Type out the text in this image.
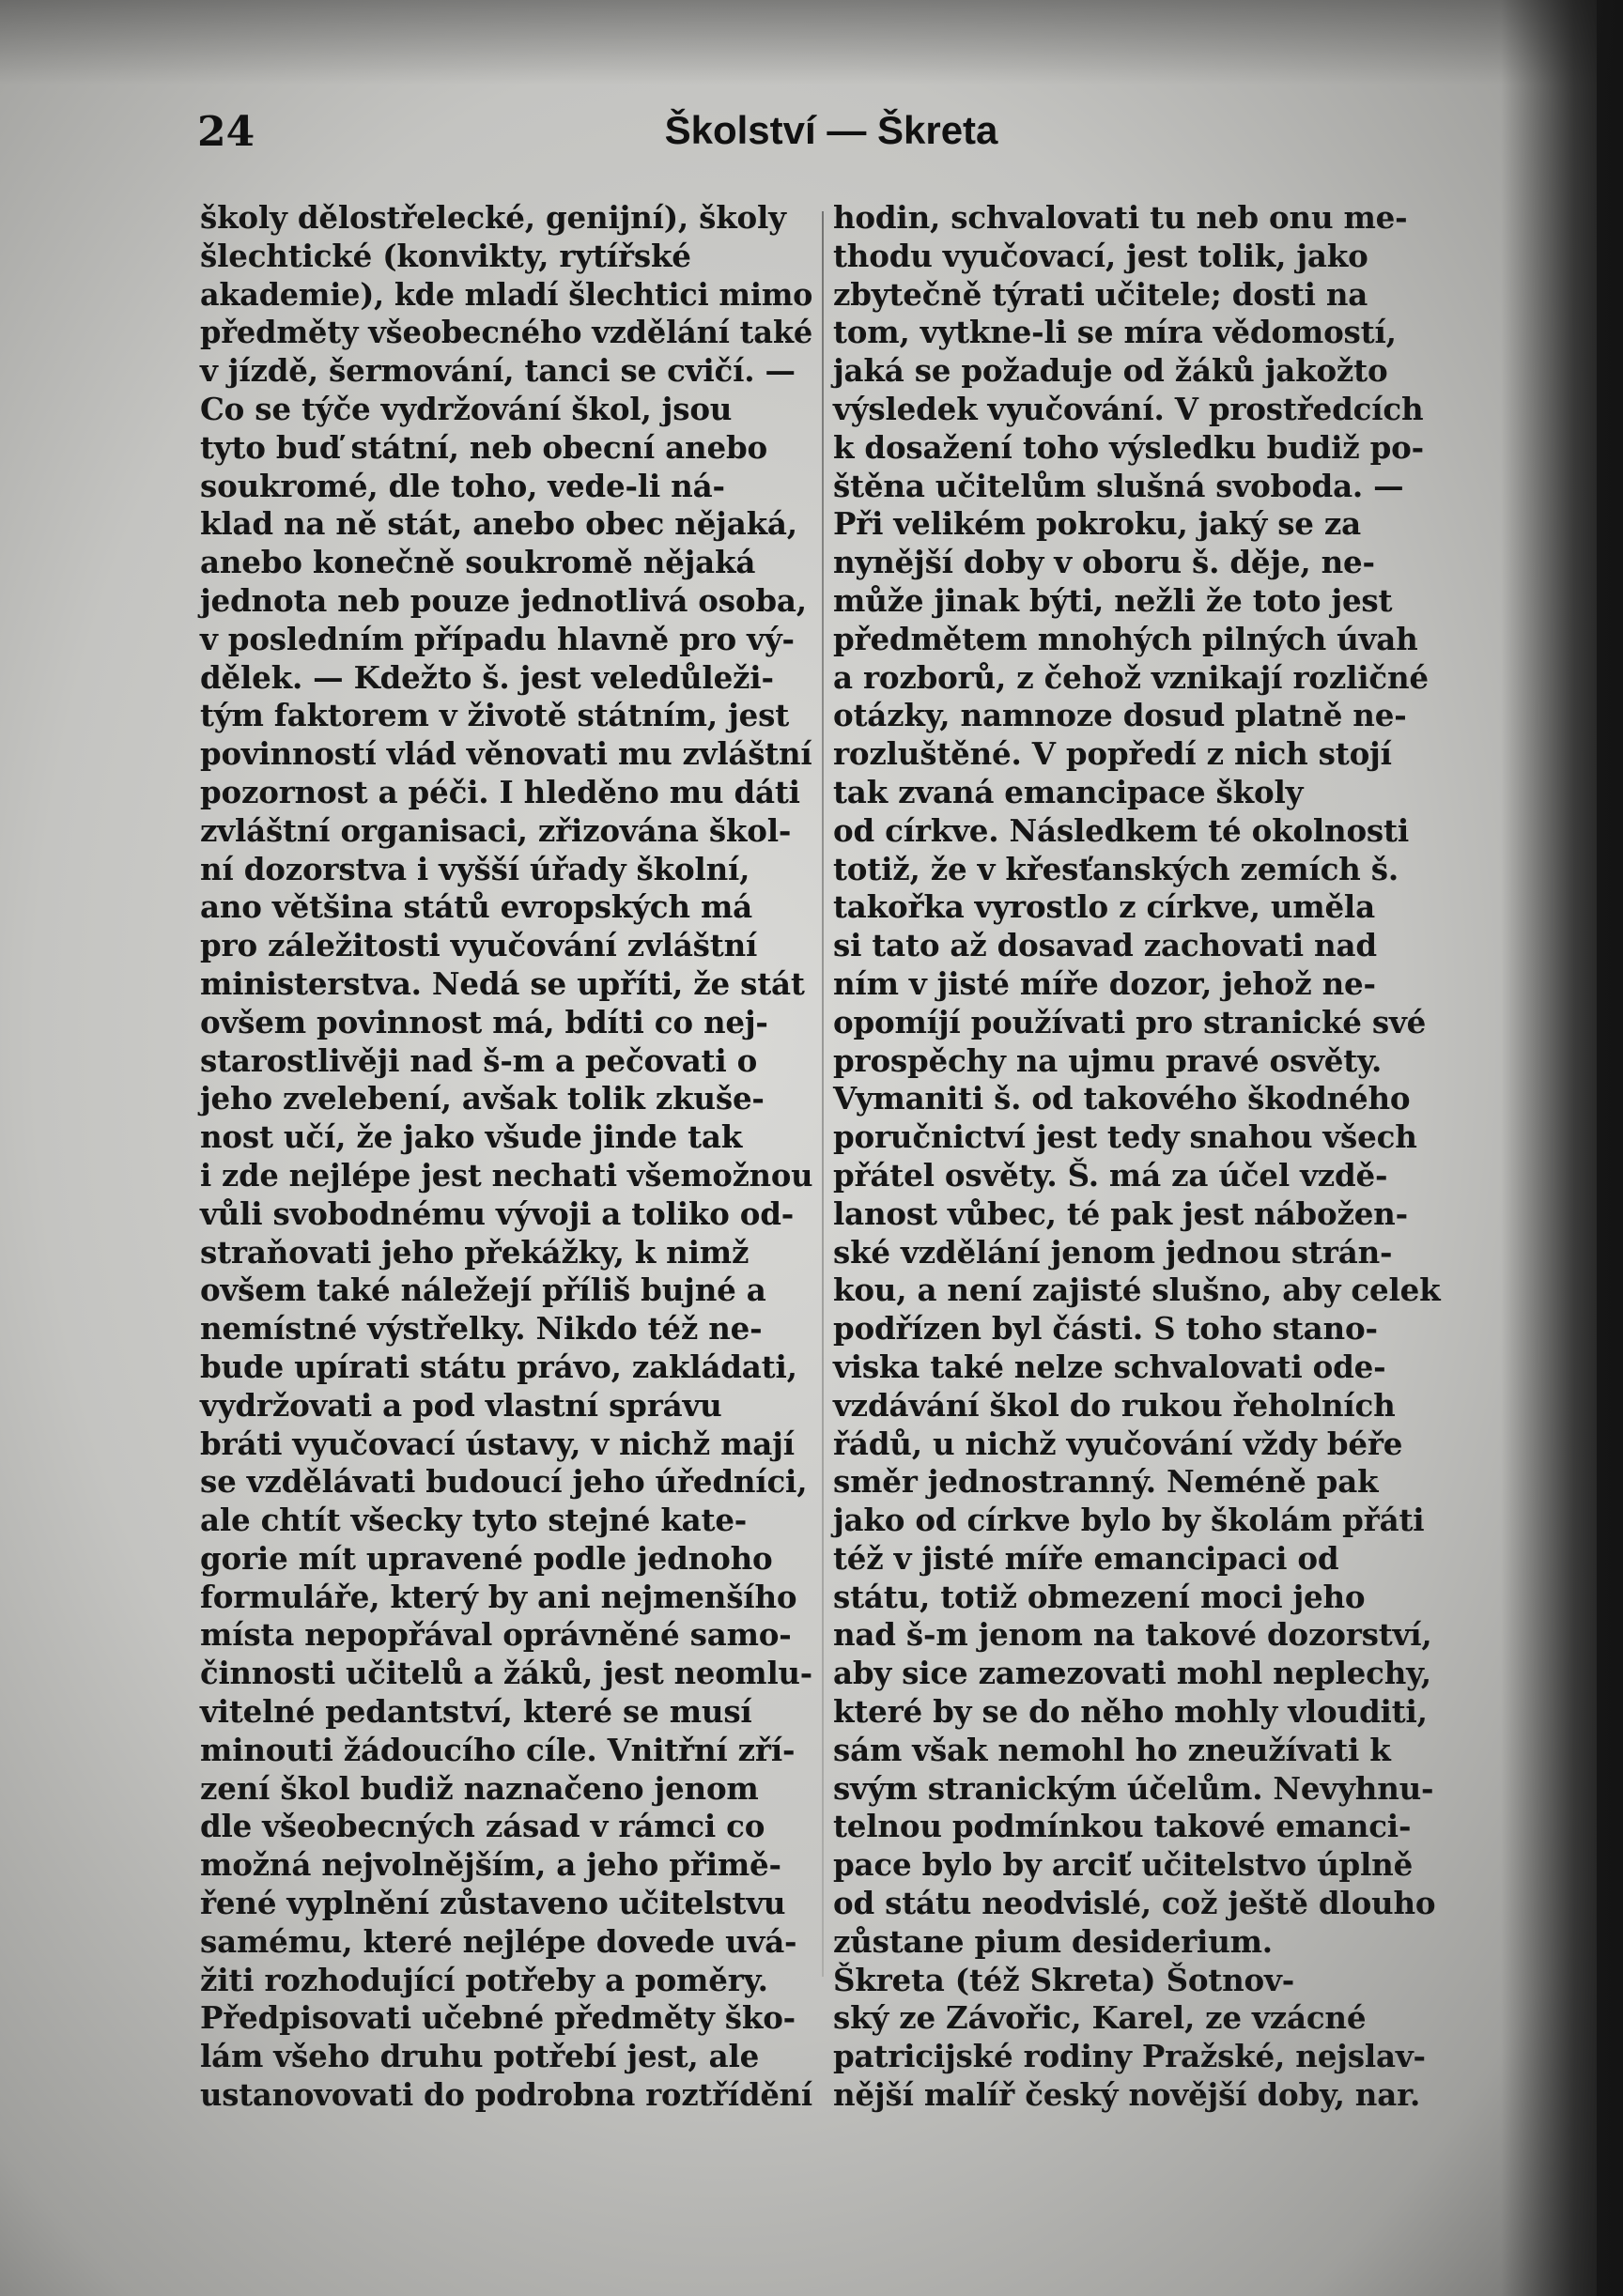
24	Školství — Škreta
školy dělostřelecké, genijní), školy
šlechtické (konvikty, rytířské
akademie), kde mladí šlechtici mimo
předměty všeobecného vzdělání také
v jízdě, šermování, tanci se cvičí. —
Co se týče vydržování škol, jsou
tyto buď státní, neb obecní anebo
soukromé, dle toho, vede-li ná-
klad na ně stát, anebo obec nějaká,
anebo konečně soukromě nějaká
jednota neb pouze jednotlivá osoba,
v posledním případu hlavně pro vý-
dělek. — Kdežto š. jest veledůleži-
tým faktorem v životě státním, jest
povinností vlád věnovati mu zvláštní
pozornost a péči. I hleděno mu dáti
zvláštní organisaci, zřizována škol-
ní dozorstva i vyšší úřady školní,
ano většina států evropských má
pro záležitosti vyučování zvláštní
ministerstva. Nedá se upříti, že stát
ovšem povinnost má, bdíti co nej-
starostlivěji nad š-m a pečovati o
jeho zvelebení, avšak tolik zkuše-
nost učí, že jako všude jinde tak
i zde nejlépe jest nechati všemožnou
vůli svobodnému vývoji a toliko od-
straňovati jeho překážky, k nimž
ovšem také náležejí příliš bujné a
nemístné výstřelky. Nikdo též ne-
bude upírati státu právo, zakládati,
vydržovati a pod vlastní správu
bráti vyučovací ústavy, v nichž mají
se vzdělávati budoucí jeho úředníci,
ale chtít všecky tyto stejné kate-
gorie mít upravené podle jednoho
formuláře, který by ani nejmenšího
místa nepopřával oprávněné samo-
činnosti učitelů a žáků, jest neomlu-
vitelné pedantství, které se musí
minouti žádoucího cíle. Vnitřní zří-
zení škol budiž naznačeno jenom
dle všeobecných zásad v rámci co
možná nejvolnějším, a jeho přimě-
řené vyplnění zůstaveno učitelstvu
samému, které nejlépe dovede uvá-
žiti rozhodující potřeby a poměry.
Předpisovati učebné předměty ško-
lám všeho druhu potřebí jest, ale
ustanovovati do podrobna roztřídění
hodin, schvalovati tu neb onu me-
thodu vyučovací, jest tolik, jako
zbytečně týrati učitele; dosti na
tom, vytkne-li se míra vědomostí,
jaká se požaduje od žáků jakožto
výsledek vyučování. V prostředcích
k dosažení toho výsledku budiž po-
štěna učitelům slušná svoboda. —
Při velikém pokroku, jaký se za
nynější doby v oboru š. děje, ne-
může jinak býti, nežli že toto jest
předmětem mnohých pilných úvah
a rozborů, z čehož vznikají rozličné
otázky, namnoze dosud platně ne-
rozluštěné. V popředí z nich stojí
tak zvaná emancipace školy
od církve. Následkem té okolnosti
totiž, že v křesťanských zemích š.
takořka vyrostlo z církve, uměla
si tato až dosavad zachovati nad
ním v jisté míře dozor, jehož ne-
opomíjí používati pro stranické své
prospěchy na ujmu pravé osvěty.
Vymaniti š. od takového škodného
poručnictví jest tedy snahou všech
přátel osvěty. Š. má za účel vzdě-
lanost vůbec, té pak jest nábožen-
ské vzdělání jenom jednou strán-
kou, a není zajisté slušno, aby celek
podřízen byl části. S toho stano-
viska také nelze schvalovati ode-
vzdávání škol do rukou řeholních
řádů, u nichž vyučování vždy béře
směr jednostranný. Neméně pak
jako od církve bylo by školám přáti
též v jisté míře emancipaci od
státu, totiž obmezení moci jeho
nad š-m jenom na takové dozorství,
aby sice zamezovati mohl neplechy,
které by se do něho mohly vlouditi,
sám však nemohl ho zneužívati k
svým stranickým účelům. Nevyhnu-
telnou podmínkou takové emanci-
pace bylo by arciť učitelstvo úplně
od státu neodvislé, což ještě dlouho
zůstane pium desiderium.
Škreta (též Skreta) Šotnov-
ský ze Závořic, Karel, ze vzácné
patricijské rodiny Pražské, nejslav-
nější malíř český novější doby, nar.
